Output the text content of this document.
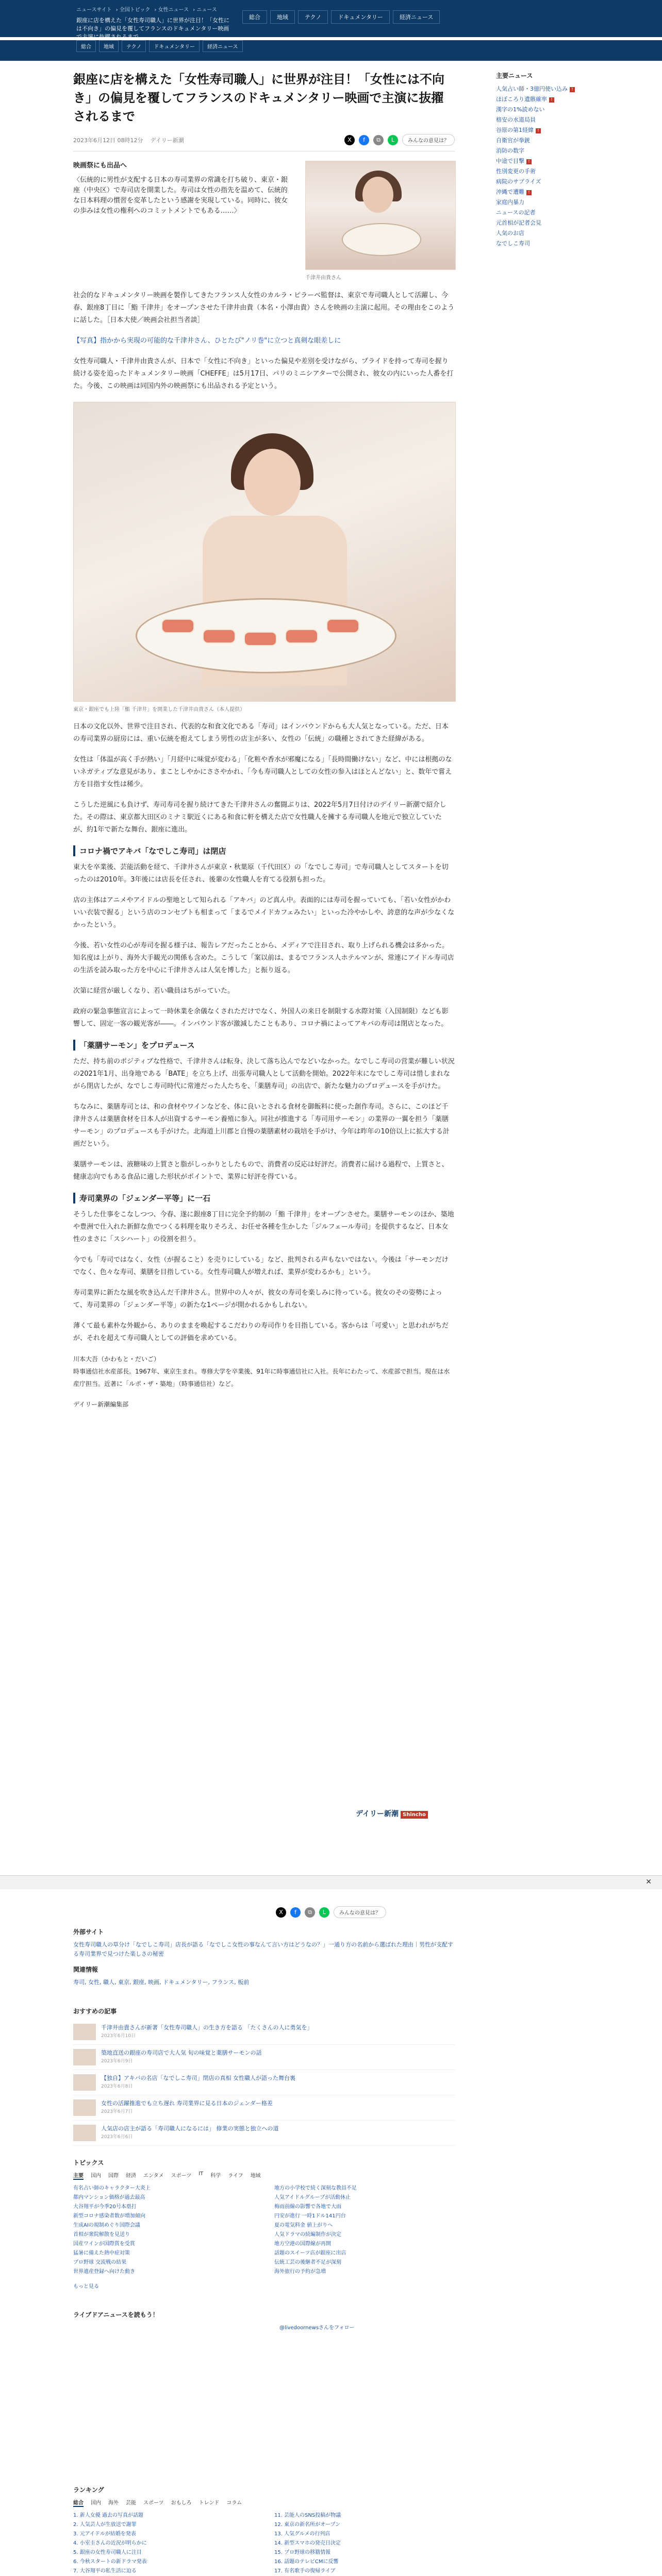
ニュースサイト › 全国トピック › 女性ニュース › ニュース
銀座に店を構えた「女性寿司職人」に世界が注目！「女性には不向き」の偏見を覆してフランスのドキュメンタリー映画で主演に抜擢されるまで
総合	地域	テクノ	ドキュメンタリー	経済ニュース
総合	地域	テクノ	ドキュメンタリー	経済ニュース
銀座に店を構えた「女性寿司職人」に世界が注目！「女性には不向き」の偏見を覆してフランスのドキュメンタリー映画で主演に抜擢されるまで
2023年6月12日 08時12分 デイリー新潮	X	f	⧉	L	みんなの意見は？
映画祭にも出品へ
〈伝統的に男性が支配する日本の寿司業界の常識を打ち破り、東京・銀座（中央区）で寿司店を開業した。寿司は女性の指先を温めて、伝統的な日本料理の慣習を変革したという感謝を実現している。同時に、彼女の歩みは女性の権利へのコミットメントでもある……〉
千津井由貴さん

社会的なドキュメンタリー映画を製作してきたフランス人女性のカルラ・ピラーベ監督は、東京で寿司職人として活躍し、今春、銀座8丁目に「鮨 千津井」をオープンさせた千津井由貴（本名・小澤由貴）さんを映画の主演に起用。その理由をこのように話した。［日本大使／映画会社担当者談］

【写真】指かから実現の可能的な千津井さん、ひとたび"ノリ巻"に立つと真剣な眼差しに

女性寿司職人・千津井由貴さんが、日本で「女性に不向き」といった偏見や差別を受けながら、プライドを持って寿司を握り続ける姿を追ったドキュメンタリー映画「CHEFFE」は5月17日、パリのミニシアターで公開され、彼女の内にいった人番を打た。今後、この映画は同国内外の映画祭にも出品される予定という。

東京・銀座でも上陸「鮨 千津井」を開業した千津井由貴さん（本人提供）

日本の文化以外、世界で注目され、代表的な和食文化である「寿司」はインバウンドからも大人気となっている。ただ、日本の寿司業界の厨房には、重い伝統を抱えてしまう男性の店主が多い、女性の「伝統」の職種とされてきた経緯がある。

女性は「体温が高く手が熱い」「月経中に味覚が変わる」「化粧や香水が邪魔になる」「長時間働けない」など、中には根拠のないネガティブな意見があり、まことしやかにささやかれ、「今も寿司職人としての女性の参入はほとんどない」と、数年で嘗え方を目指す女性は稀少。

こうした逆風にも負けず、寿司寿司を握り続けてきた千津井さんの奮闘ぶりは、2022年5月7日付けのデイリー新潮で紹介した。その際は、東京都大田区のミナミ駅近くにある和食に軒を構えた店で女性職人を擁する寿司職人を地元で独立していたが、約1年で新たな舞台、銀座に進出。

コロナ禍でアキバ「なでしこ寿司」は閉店

東大を卒業後、芸能活動を経て、千津井さんが東京・秋葉原（千代田区）の「なでしこ寿司」で寿司職人としてスタートを切ったのは2010年。3年後には店長を任され、後輩の女性職人を育てる役割も担った。

店の主体はアニメやアイドルの聖地として知られる「アキバ」のど真ん中。表面的には寿司を握っていても、「若い女性がかわいい衣装で握る」という店のコンセプトも相まって「まるでメイドカフェみたい」といった冷やかしや、誇意的な声が少なくなかったという。

今後、若い女性の心が寿司を握る様子は、報告レアだったことから、メディアで注目され、取り上げられる機会は多かった。知名度は上がり、海外大手観光の関係も含めた。こうして「案以前は、まるでフランス人ホテルマンが、常連にアイドル寿司店の生活を読み取った方を中心に千津井さんは人気を博した」と振り返る。

次第に経営が厳しくなり、若い職員はちがっていた。

政府の緊急事態宣言によって一時休業を余儀なくされただけでなく、外国人の来日を制限する水際対策（入国制限）なども影響して、固定一客の観光客が――。インバウンド客が激減したこともあり、コロナ禍によってアキバの寿司は閉店となった。

「薬膳サーモン」をプロデュース

ただ、持ち前のポジティブな性格で、千津井さんは転身、決して落ち込んでなどいなかった。なでしこ寿司の営業が難しい状況の2021年1月、出身地である「BATE」を立ち上げ、出張寿司職人として活動を開始。2022年末になでしこ寿司は惜しまれながら閉店したが、なでしこ寿司時代に常連だった人たちを、「薬膳寿司」の出店で、新たな魅力のプロデュースを手がけた。

ちなみに、薬膳寿司とは、和の食材やワインなどを、体に良いとされる食材を御飯料に使った創作寿司。さらに、このほど千津井さんは薬膳食材を日本人が出資するサーモン養殖に参入。同社が推進する「寿司用サーモン」の業界の一翼を担う「薬膳サーモン」のプロデュースも手がけた。北海道上川郡と自慢の薬膳素材の栽培を手がけ、今年は昨年の10倍以上に拡大する計画だという。

薬膳サーモンは、液糖味の上質さと脂がしっかりとしたもので、消費者の反応は好評だ。消費者に届ける過程で、上質さと、健康志向でもある食品に適した形状がポイントで、業界に好評を得ている。

寿司業界の「ジェンダー平等」に一石

そうした仕事をこなしつつ、今春、遂に銀座8丁目に完全予約制の「鮨 千津井」をオープンさせた。薬膳サーモンのほか、築地や豊洲で仕入れた新鮮な魚でつくる料理を取りそろえ、お任せ各種を生かした「ジルフェール寿司」を提供するなど、日本女性のまさに「スシハート」の役割を担う。

今でも「寿司ではなく、女性（が握ること）を売りにしている」など、批判される声もないではない。今後は「サーモンだけでなく、色々な寿司、薬膳を目指している。女性寿司職人が増えれば、業界が変わるかも」という。

寿司業界に新たな風を吹き込んだ千津井さん。世界中の人々が、彼女の寿司を楽しみに待っている。彼女のその姿勢によって、寿司業界の「ジェンダー平等」の新たな1ページが開かれるかもしれない。

薄くて最も素朴な外観から、ありのままを喚起するこだわりの寿司作りを目指している。客からは「可愛い」と思われがちだが、それを超えて寿司職人としての評価を求めている。

川本大吾（かわもと・だいご）
時事通信社水産部長。1967年、東京生まれ。専修大学を卒業後、91年に時事通信社に入社。長年にわたって、水産部で担当。現在は水産庁担当。近著に「ルポ・ザ・築地」（時事通信社）など。

デイリー新潮編集部

主要ニュース
人気占い師・3億円使い込み !
ほぼころり遺骸確率 !
漢字の1%読めない
格安の水道局員
谷原の第1経緯 !
自衛官が拳銃
消防の数字
中途で目撃 !
性別変更の手術
病院のサプライズ
沖縄で遭難 !
家庭内暴力
ニュースの記者
元首相が記者会見
人気のお店
なでしこ寿司
デイリー新潮 Shincho
✕
X	f	⧉	L	みんなの意見は？
外部サイト
女性寿司職人の草分け「なでしこ寿司」店長が語る「なでしこ女性の事なんて言い方はどうなの？」一通り方の名前から選ばれた理由｜男性が支配する寿司業界で見つけた楽しさの秘密
関連情報
寿司, 女性, 職人, 東京, 銀座, 映画, ドキュメンタリー, フランス, 板前
おすすめの記事
千津井由貴さんが新著「女性寿司職人」の生き方を語る 「たくさんの人に勇気を」
2023年6月10日
築地直送の銀座の寿司店で大人気 旬の味覚と薬膳サーモンの話
2023年6月9日
【独自】アキバの名店「なでしこ寿司」閉店の真相 女性職人が語った舞台裏
2023年6月8日
女性の活躍推進でも立ち遅れ 寿司業界に見る日本のジェンダー格差
2023年6月7日
人気店の店主が語る「寿司職人になるには」 修業の実態と独立への道
2023年6月6日
トピックス
主要 国内 国際 経済 エンタメ スポーツ IT 科学 ライフ 地域
有名占い師のキャラクター大炎上	地方の小学校で続く深刻な教員不足
都内マンション価格が過去最高	人気アイドルグループが活動休止
大谷翔平が今季20号本塁打	梅雨前線の影響で各地で大雨
新型コロナ感染者数が増加傾向	円安が進行 一時1ドル141円台
生成AIの規制めぐり国際会議	夏の電気料金 値上がりへ
首相が衆院解散を見送り	人気ドラマの続編制作が決定
国産ワインが国際賞を受賞	地方空港の国際線が再開
猛暑に備えた熱中症対策	話題のスイーツ店が銀座に出店
プロ野球 交流戦の結果	伝統工芸の後継者不足が深刻
世界遺産登録へ向けた動き	海外旅行の予約が急増
もっと見る
ライブドアニュースを読もう！
@livedoornewsさんをフォロー
ランキング
総合 国内 海外 芸能 スポーツ おもしろ トレンド コラム
1. 新人女優 過去の写真が話題	11. 芸能人のSNS投稿が物議
2. 人気芸人が生放送で謝罪	12. 東京の新名所がオープン
3. 元アイドルが結婚を発表	13. 人気グルメの行列店
4. 小室圭さんの近況が明らかに	14. 新型スマホの発売日決定
5. 銀座の女性寿司職人に注目	15. プロ野球の移籍情報
6. 今秋スタートの新ドラマ発表	16. 話題のテレビCMに反響
7. 大谷翔平の私生活に迫る	17. 有名歌手の復帰ライブ
